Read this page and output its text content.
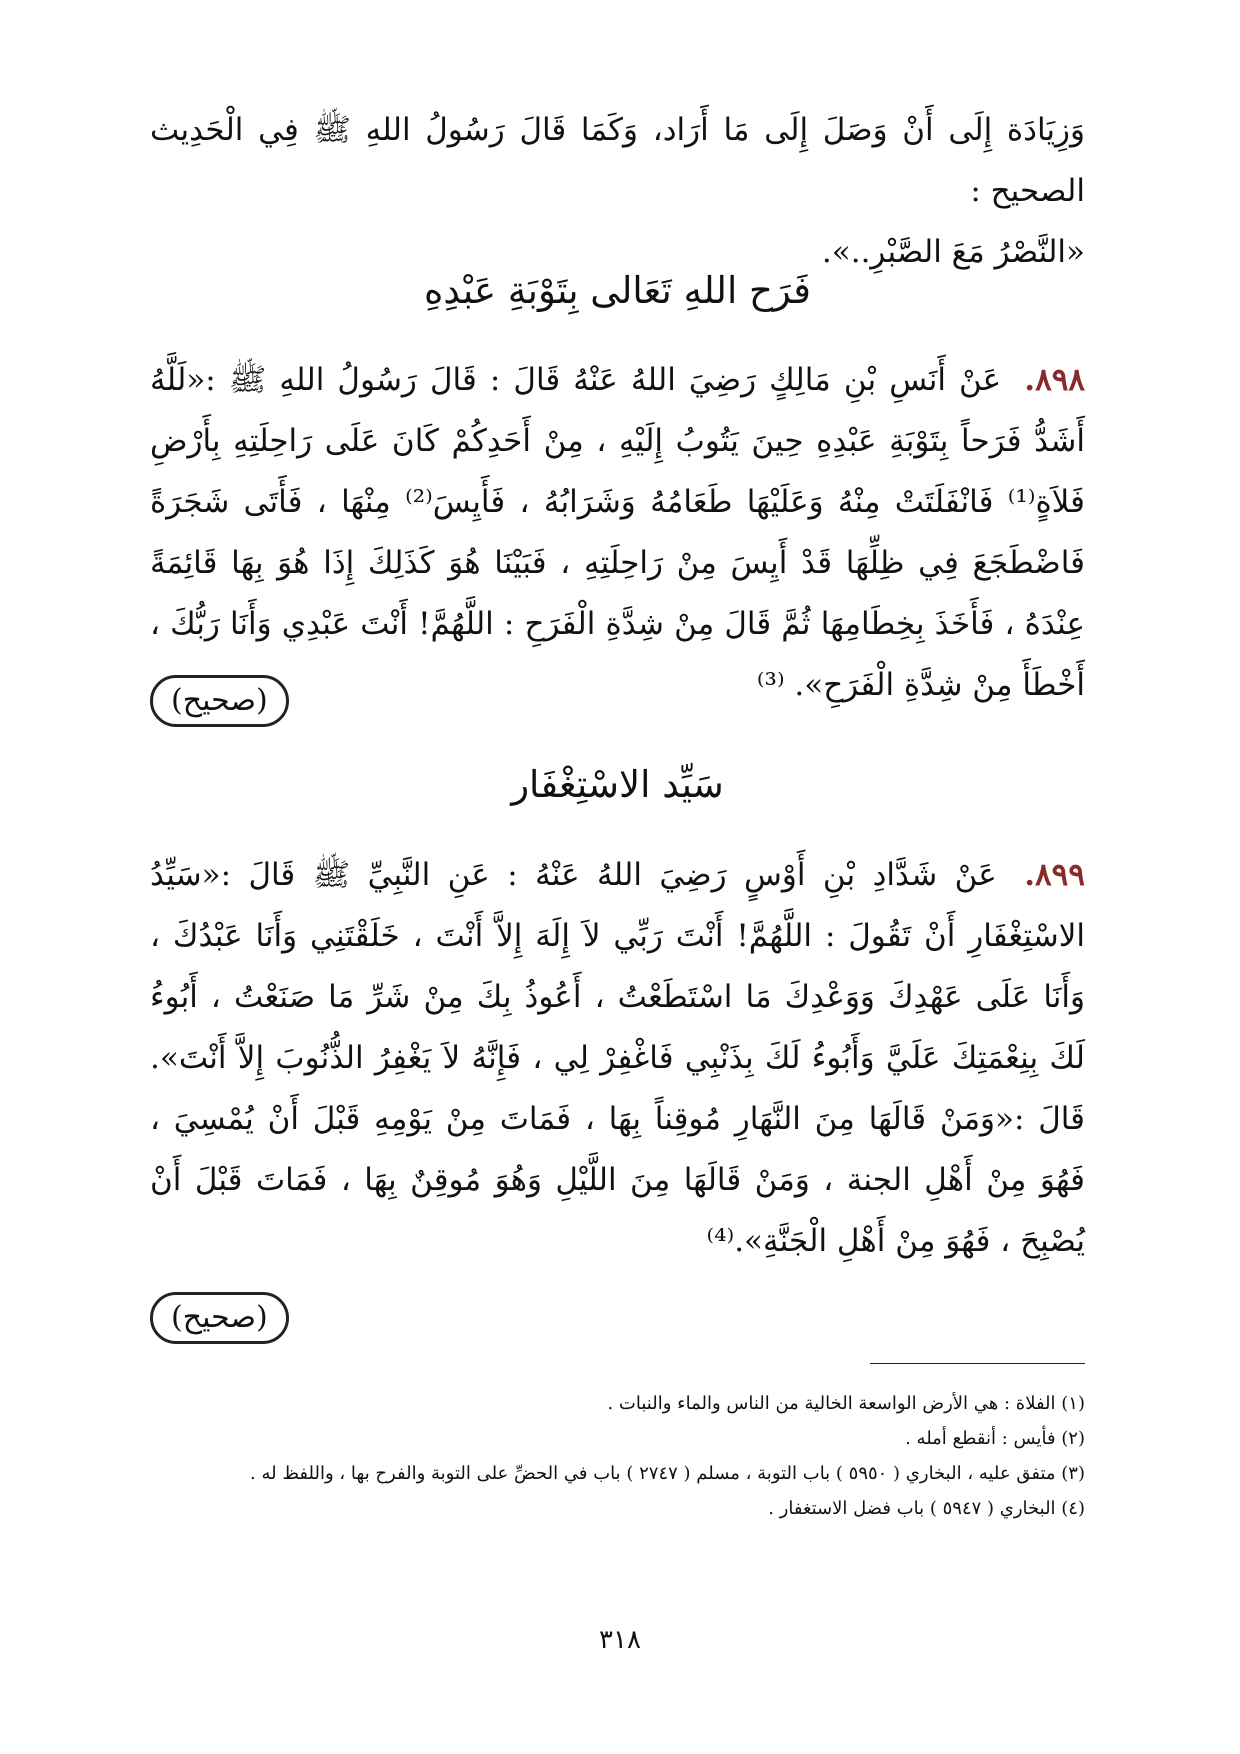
وَزِيَادَة إِلَى أَنْ وَصَلَ إِلَى مَا أَرَاد، وَكَمَا قَالَ رَسُولُ اللهِ ﷺ فِي الْحَدِيث الصحيح :
«النَّصْرُ مَعَ الصَّبْرِ..».
فَرَح اللهِ تَعَالى بِتَوْبَةِ عَبْدِهِ
٨٩٨. عَنْ أَنَسِ بْنِ مَالِكٍ رَضِيَ اللهُ عَنْهُ قَالَ : قَالَ رَسُولُ اللهِ ﷺ :«لَلَّهُ أَشَدُّ فَرَحاً بِتَوْبَةِ عَبْدِهِ حِينَ يَتُوبُ إِلَيْهِ ، مِنْ أَحَدِكُمْ كَانَ عَلَى رَاحِلَتِهِ بِأَرْضِ فَلاَةٍ⁽¹⁾ فَانْفَلَتَتْ مِنْهُ وَعَلَيْهَا طَعَامُهُ وَشَرَابُهُ ، فَأَيِسَ⁽²⁾ مِنْهَا ، فَأَتَى شَجَرَةً فَاضْطَجَعَ فِي ظِلِّهَا قَدْ أَيِسَ مِنْ رَاحِلَتِهِ ، فَبَيْنَا هُوَ كَذَلِكَ إِذَا هُوَ بِهَا قَائِمَةً عِنْدَهُ ، فَأَخَذَ بِخِطَامِهَا ثُمَّ قَالَ مِنْ شِدَّةِ الْفَرَحِ : اللَّهُمَّ! أَنْتَ عَبْدِي وَأَنَا رَبُّكَ ، أَخْطَأَ مِنْ شِدَّةِ الْفَرَحِ». ⁽³⁾
(صحيح)
سَيِّد الاسْتِغْفَار
٨٩٩. عَنْ شَدَّادِ بْنِ أَوْسٍ رَضِيَ اللهُ عَنْهُ : عَنِ النَّبِيِّ ﷺ قَالَ :«سَيِّدُ الاسْتِغْفَارِ أَنْ تَقُولَ : اللَّهُمَّ! أَنْتَ رَبِّي لاَ إِلَهَ إِلاَّ أَنْتَ ، خَلَقْتَنِي وَأَنَا عَبْدُكَ ، وَأَنَا عَلَى عَهْدِكَ وَوَعْدِكَ مَا اسْتَطَعْتُ ، أَعُوذُ بِكَ مِنْ شَرِّ مَا صَنَعْتُ ، أَبُوءُ لَكَ بِنِعْمَتِكَ عَلَيَّ وَأَبُوءُ لَكَ بِذَنْبِي فَاغْفِرْ لِي ، فَإِنَّهُ لاَ يَغْفِرُ الذُّنُوبَ إِلاَّ أَنْتَ». قَالَ :«وَمَنْ قَالَهَا مِنَ النَّهَارِ مُوقِناً بِهَا ، فَمَاتَ مِنْ يَوْمِهِ قَبْلَ أَنْ يُمْسِيَ ، فَهُوَ مِنْ أَهْلِ الجنة ، وَمَنْ قَالَهَا مِنَ اللَّيْلِ وَهُوَ مُوقِنٌ بِهَا ، فَمَاتَ قَبْلَ أَنْ يُصْبِحَ ، فَهُوَ مِنْ أَهْلِ الْجَنَّةِ».⁽⁴⁾
(صحيح)
(١) الفلاة : هي الأرض الواسعة الخالية من الناس والماء والنبات .
(٢) فأيس : أنقطع أمله .
(٣) متفق عليه ، البخاري ( ٥٩٥٠ ) باب التوبة ، مسلم ( ٢٧٤٧ ) باب في الحضِّ على التوبة والفرح بها ، واللفظ له .
(٤) البخاري ( ٥٩٤٧ ) باب فضل الاستغفار .
٣١٨
